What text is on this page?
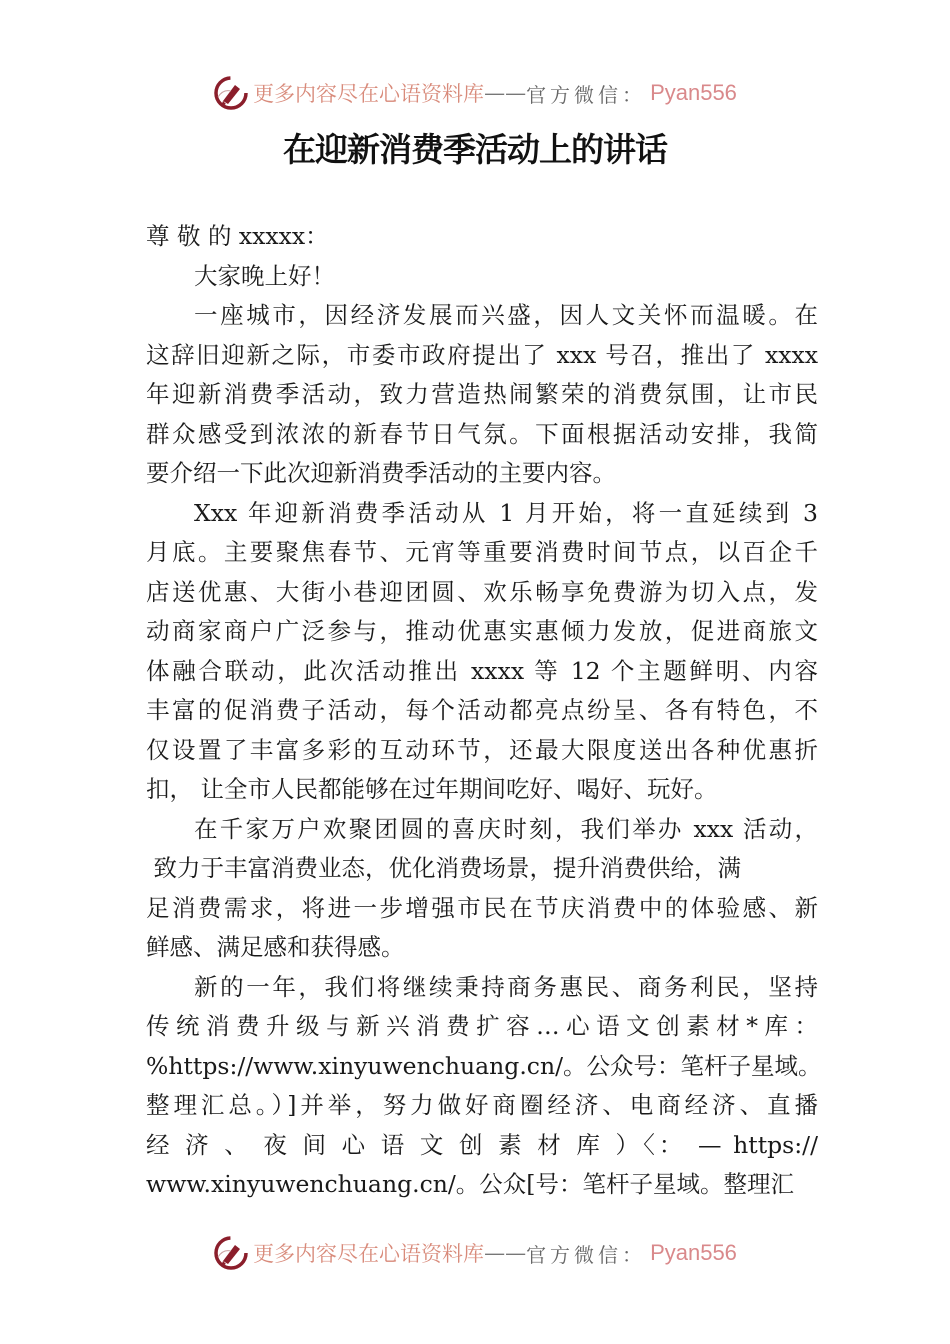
更多内容尽在心语资料库 — — 官方微信： Pyan556
在迎新消费季活动上的讲话
尊 敬 的 xxxxx：
大家晚上好！
一座城市，因经济发展而兴盛，因人文关怀而温暖。在
这辞旧迎新之际，市委市政府提出了 xxx 号召，推出了 xxxx
年迎新消费季活动，致力营造热闹繁荣的消费氛围，让市民
群众感受到浓浓的新春节日气氛。下面根据活动安排，我简
要介绍一下此次迎新消费季活动的主要内容。
Xxx 年迎新消费季活动从 1 月开始，将一直延续到 3
月底。主要聚焦春节、元宵等重要消费时间节点，以百企千
店送优惠、大街小巷迎团圆、欢乐畅享免费游为切入点，发
动商家商户广泛参与，推动优惠实惠倾力发放，促进商旅文
体融合联动，此次活动推出 xxxx 等 12 个主题鲜明、内容
丰富的促消费子活动，每个活动都亮点纷呈、各有特色，不
仅设置了丰富多彩的互动环节，还最大限度送出各种优惠折
扣， 让全市人民都能够在过年期间吃好、喝好、玩好。
在千家万户欢聚团圆的喜庆时刻，我们举办 xxx 活动，
致力于丰富消费业态，优化消费场景，提升消费供给，满
足消费需求，将进一步增强市民在节庆消费中的体验感、新
鲜感、满足感和获得感。
新的一年，我们将继续秉持商务惠民、商务利民，坚持
传统消费升级与新兴消费扩容…心语文创素材*库：
%https://www.xinyuwenchuang.cn/。公众号：笔杆子星域。
整理汇总。）]并举，努力做好商圈经济、电商经济、直播
经 济 、 夜 间 心 语 文 创 素 材 库 ）〈： — https://
www.xinyuwenchuang.cn/。公众[号：笔杆子星域。整理汇
更多内容尽在心语资料库 — — 官方微信： Pyan556
